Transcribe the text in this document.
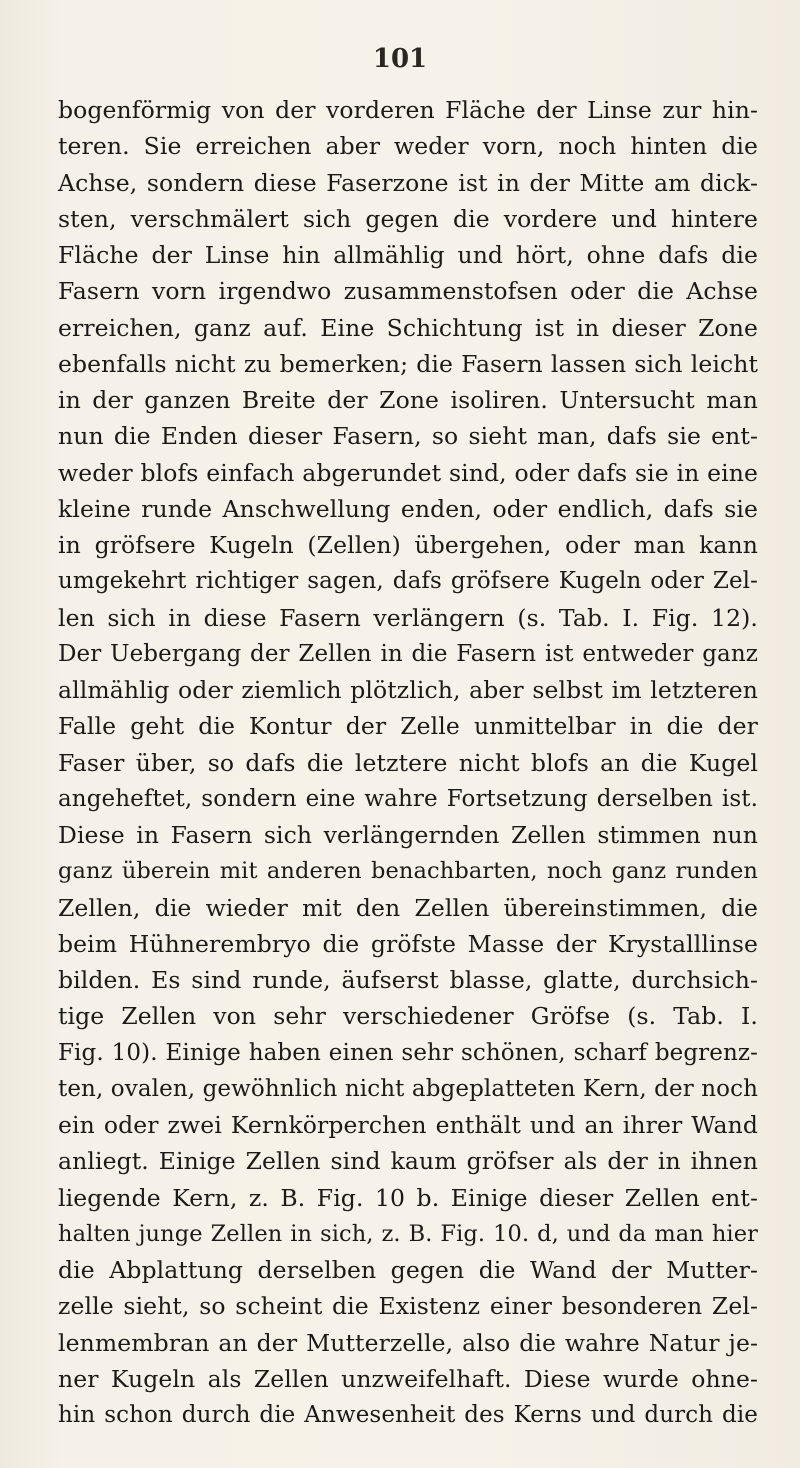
101
bogenförmig von der vorderen Fläche der Linse zur hin-
teren. Sie erreichen aber weder vorn, noch hinten die
Achse, sondern diese Faserzone ist in der Mitte am dick-
sten, verschmälert sich gegen die vordere und hintere
Fläche der Linse hin allmählig und hört, ohne dafs die
Fasern vorn irgendwo zusammenstofsen oder die Achse
erreichen, ganz auf. Eine Schichtung ist in dieser Zone
ebenfalls nicht zu bemerken; die Fasern lassen sich leicht
in der ganzen Breite der Zone isoliren. Untersucht man
nun die Enden dieser Fasern, so sieht man, dafs sie ent-
weder blofs einfach abgerundet sind, oder dafs sie in eine
kleine runde Anschwellung enden, oder endlich, dafs sie
in gröfsere Kugeln (Zellen) übergehen, oder man kann
umgekehrt richtiger sagen, dafs gröfsere Kugeln oder Zel-
len sich in diese Fasern verlängern (s. Tab. I. Fig. 12).
Der Uebergang der Zellen in die Fasern ist entweder ganz
allmählig oder ziemlich plötzlich, aber selbst im letzteren
Falle geht die Kontur der Zelle unmittelbar in die der
Faser über, so dafs die letztere nicht blofs an die Kugel
angeheftet, sondern eine wahre Fortsetzung derselben ist.
Diese in Fasern sich verlängernden Zellen stimmen nun
ganz überein mit anderen benachbarten, noch ganz runden
Zellen, die wieder mit den Zellen übereinstimmen, die
beim Hühnerembryo die gröfste Masse der Krystalllinse
bilden. Es sind runde, äufserst blasse, glatte, durchsich-
tige Zellen von sehr verschiedener Gröfse (s. Tab. I.
Fig. 10). Einige haben einen sehr schönen, scharf begrenz-
ten, ovalen, gewöhnlich nicht abgeplatteten Kern, der noch
ein oder zwei Kernkörperchen enthält und an ihrer Wand
anliegt. Einige Zellen sind kaum gröfser als der in ihnen
liegende Kern, z. B. Fig. 10 b. Einige dieser Zellen ent-
halten junge Zellen in sich, z. B. Fig. 10. d, und da man hier
die Abplattung derselben gegen die Wand der Mutter-
zelle sieht, so scheint die Existenz einer besonderen Zel-
lenmembran an der Mutterzelle, also die wahre Natur je-
ner Kugeln als Zellen unzweifelhaft. Diese wurde ohne-
hin schon durch die Anwesenheit des Kerns und durch die
